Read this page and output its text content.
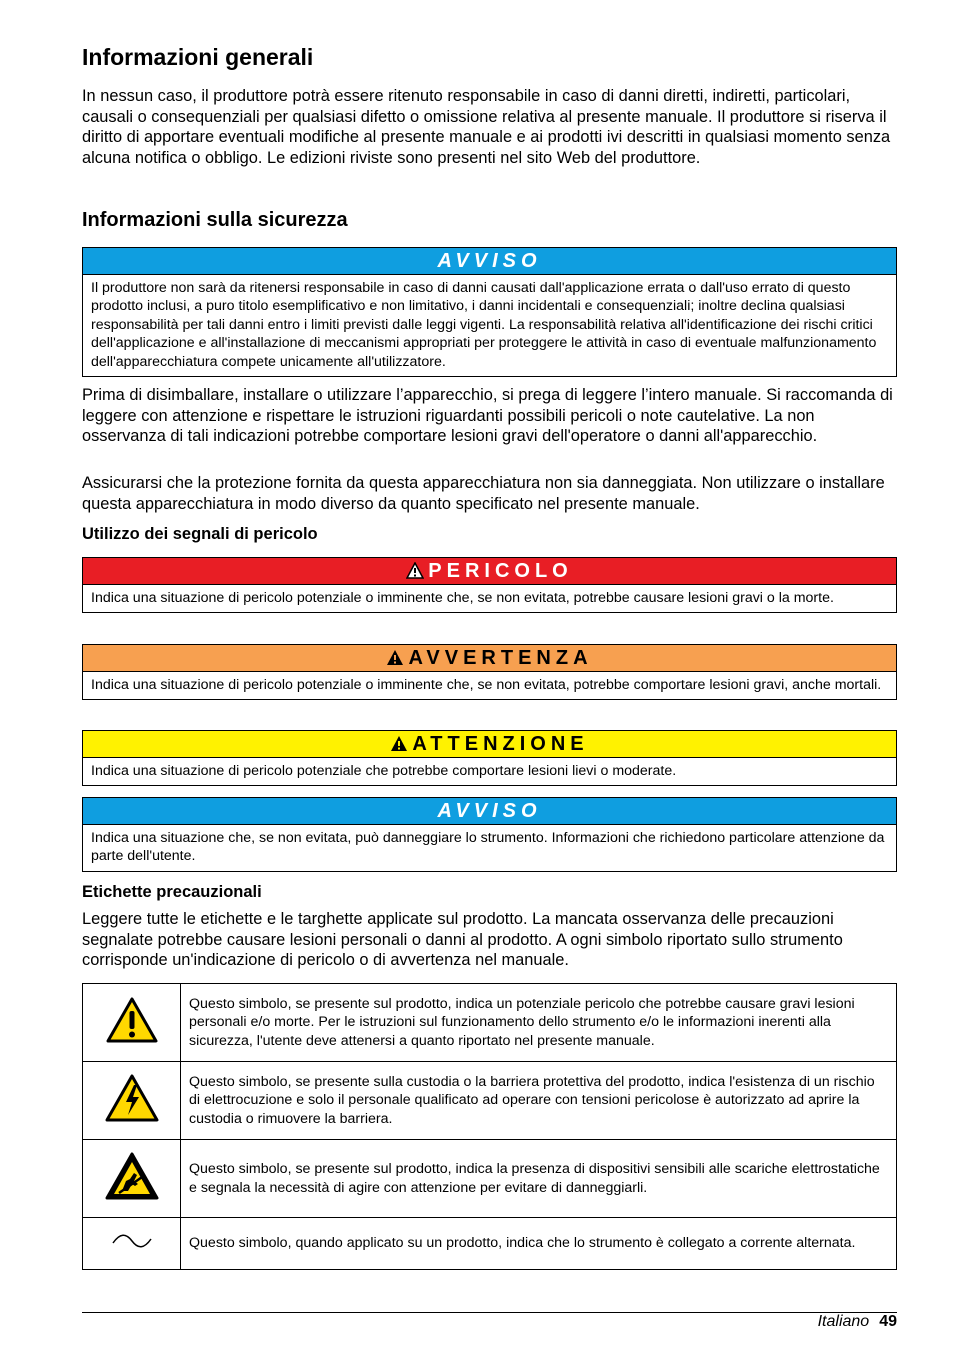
Informazioni generali

In nessun caso, il produttore potrà essere ritenuto responsabile in caso di danni diretti, indiretti, particolari, causali o consequenziali per qualsiasi difetto o omissione relativa al presente manuale. Il produttore si riserva il diritto di apportare eventuali modifiche al presente manuale e ai prodotti ivi descritti in qualsiasi momento senza alcuna notifica o obbligo. Le edizioni riviste sono presenti nel sito Web del produttore.

Informazioni sulla sicurezza
AVVISO
Il produttore non sarà da ritenersi responsabile in caso di danni causati dall'applicazione errata o dall'uso errato di questo prodotto inclusi, a puro titolo esemplificativo e non limitativo, i danni incidentali e consequenziali; inoltre declina qualsiasi responsabilità per tali danni entro i limiti previsti dalle leggi vigenti. La responsabilità relativa all'identificazione dei rischi critici dell'applicazione e all'installazione di meccanismi appropriati per proteggere le attività in caso di eventuale malfunzionamento dell'apparecchiatura compete unicamente all'utilizzatore.

Prima di disimballare, installare o utilizzare l’apparecchio, si prega di leggere l’intero manuale. Si raccomanda di leggere con attenzione e rispettare le istruzioni riguardanti possibili pericoli o note cautelative. La non osservanza di tali indicazioni potrebbe comportare lesioni gravi dell'operatore o danni all'apparecchio.

Assicurarsi che la protezione fornita da questa apparecchiatura non sia danneggiata. Non utilizzare o installare questa apparecchiatura in modo diverso da quanto specificato nel presente manuale.

Utilizzo dei segnali di pericolo
PERICOLO
Indica una situazione di pericolo potenziale o imminente che, se non evitata, potrebbe causare lesioni gravi o la morte.
AVVERTENZA
Indica una situazione di pericolo potenziale o imminente che, se non evitata, potrebbe comportare lesioni gravi, anche mortali.
ATTENZIONE
Indica una situazione di pericolo potenziale che potrebbe comportare lesioni lievi o moderate.
AVVISO
Indica una situazione che, se non evitata, può danneggiare lo strumento. Informazioni che richiedono particolare attenzione da parte dell'utente.
Etichette precauzionali

Leggere tutte le etichette e le targhette applicate sul prodotto. La mancata osservanza delle precauzioni segnalate potrebbe causare lesioni personali o danni al prodotto. A ogni simbolo riportato sullo strumento corrisponde un'indicazione di pericolo o di avvertenza nel manuale.

	Questo simbolo, se presente sul prodotto, indica un potenziale pericolo che potrebbe causare gravi lesioni personali e/o morte. Per le istruzioni sul funzionamento dello strumento e/o le informazioni inerenti alla sicurezza, l'utente deve attenersi a quanto riportato nel presente manuale.
	Questo simbolo, se presente sulla custodia o la barriera protettiva del prodotto, indica l'esistenza di un rischio di elettrocuzione e solo il personale qualificato ad operare con tensioni pericolose è autorizzato ad aprire la custodia o rimuovere la barriera.
	Questo simbolo, se presente sul prodotto, indica la presenza di dispositivi sensibili alle scariche elettrostatiche e segnala la necessità di agire con attenzione per evitare di danneggiarli.
	Questo simbolo, quando applicato su un prodotto, indica che lo strumento è collegato a corrente alternata.
Italiano 49
